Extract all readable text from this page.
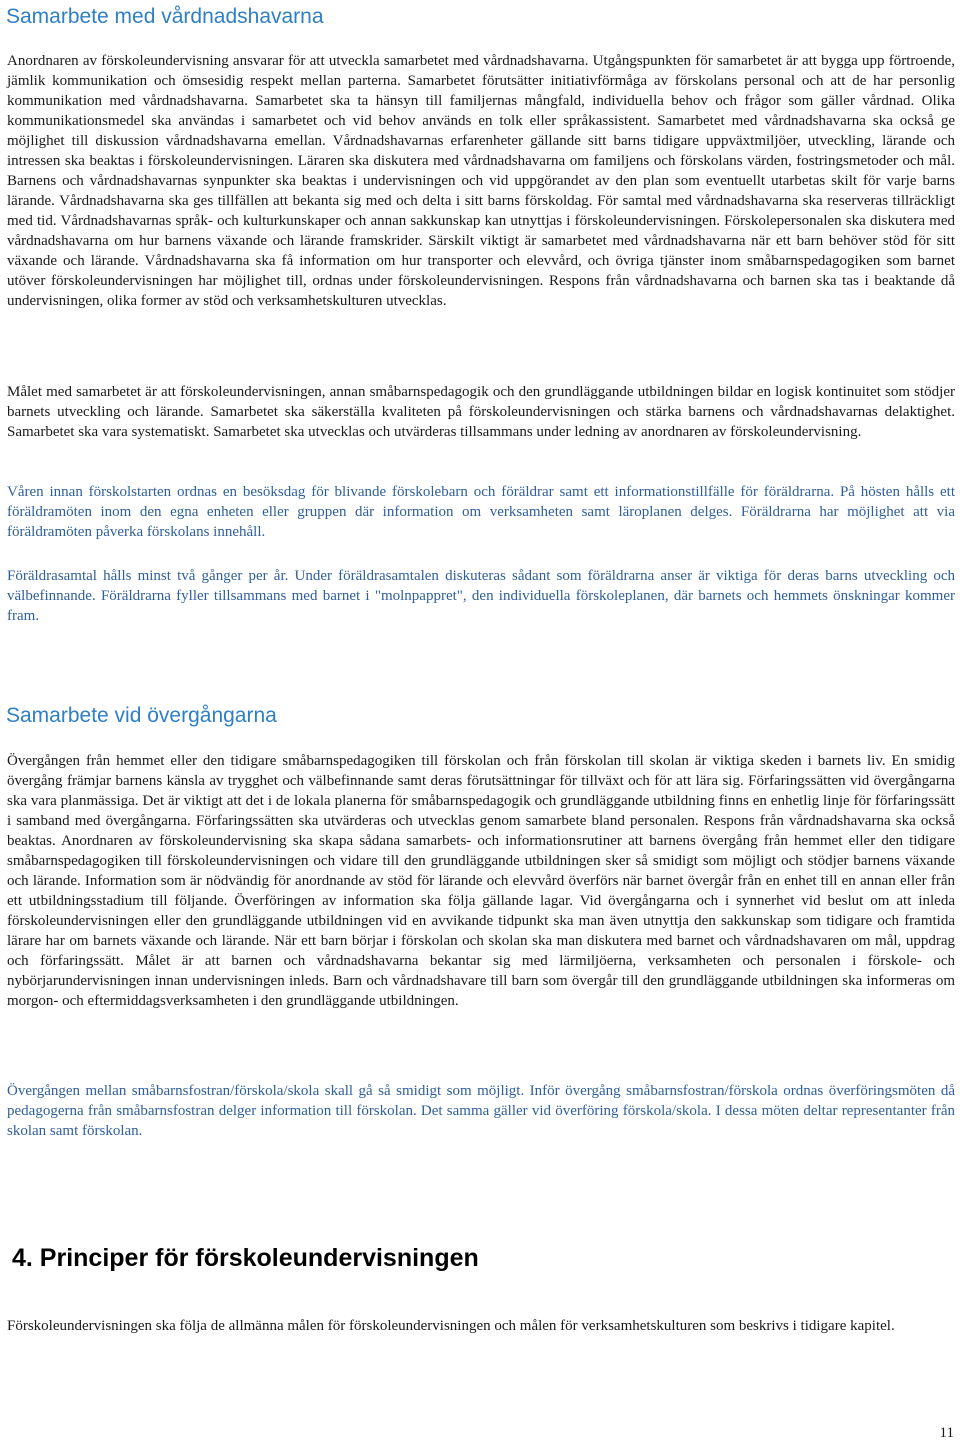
Samarbete med vårdnadshavarna

Anordnaren av förskoleundervisning ansvarar för att utveckla samarbetet med vårdnadshavarna. Utgångspunkten för samarbetet är att bygga upp förtroende, jämlik kommunikation och ömsesidig respekt mellan parterna. Samarbetet förutsätter initiativförmåga av förskolans personal och att de har personlig kommunikation med vårdnadshavarna. Samarbetet ska ta hänsyn till familjernas mångfald, individuella behov och frågor som gäller vårdnad. Olika kommunikationsmedel ska användas i samarbetet och vid behov används en tolk eller språkassistent. Samarbetet med vårdnadshavarna ska också ge möjlighet till diskussion vårdnadshavarna emellan. Vårdnadshavarnas erfarenheter gällande sitt barns tidigare uppväxtmiljöer, utveckling, lärande och intressen ska beaktas i förskoleundervisningen. Läraren ska diskutera med vårdnadshavarna om familjens och förskolans värden, fostringsmetoder och mål. Barnens och vårdnadshavarnas synpunkter ska beaktas i undervisningen och vid uppgörandet av den plan som eventuellt utarbetas skilt för varje barns lärande. Vårdnadshavarna ska ges tillfällen att bekanta sig med och delta i sitt barns förskoldag. För samtal med vårdnadshavarna ska reserveras tillräckligt med tid. Vårdnadshavarnas språk- och kulturkunskaper och annan sakkunskap kan utnyttjas i förskoleundervisningen. Förskolepersonalen ska diskutera med vårdnadshavarna om hur barnens växande och lärande framskrider. Särskilt viktigt är samarbetet med vårdnadshavarna när ett barn behöver stöd för sitt växande och lärande. Vårdnadshavarna ska få information om hur transporter och elevvård, och övriga tjänster inom småbarnspedagogiken som barnet utöver förskoleundervisningen har möjlighet till, ordnas under förskoleundervisningen. Respons från vårdnadshavarna och barnen ska tas i beaktande då undervisningen, olika former av stöd och verksamhetskulturen utvecklas.

Målet med samarbetet är att förskoleundervisningen, annan småbarnspedagogik och den grundläggande utbildningen bildar en logisk kontinuitet som stödjer barnets utveckling och lärande. Samarbetet ska säkerställa kvaliteten på förskoleundervisningen och stärka barnens och vårdnadshavarnas delaktighet. Samarbetet ska vara systematiskt. Samarbetet ska utvecklas och utvärderas tillsammans under ledning av anordnaren av förskoleundervisning.

Våren innan förskolstarten ordnas en besöksdag för blivande förskolebarn och föräldrar samt ett informationstillfälle för föräldrarna. På hösten hålls ett föräldramöten inom den egna enheten eller gruppen där information om verksamheten samt läroplanen delges. Föräldrarna har möjlighet att via föräldramöten påverka förskolans innehåll.

Föräldrasamtal hålls minst två gånger per år. Under föräldrasamtalen diskuteras sådant som föräldrarna anser är viktiga för deras barns utveckling och välbefinnande. Föräldrarna fyller tillsammans med barnet i "molnpappret", den individuella förskoleplanen, där barnets och hemmets önskningar kommer fram.

Samarbete vid övergångarna

Övergången från hemmet eller den tidigare småbarnspedagogiken till förskolan och från förskolan till skolan är viktiga skeden i barnets liv. En smidig övergång främjar barnens känsla av trygghet och välbefinnande samt deras förutsättningar för tillväxt och för att lära sig. Förfaringssätten vid övergångarna ska vara planmässiga. Det är viktigt att det i de lokala planerna för småbarnspedagogik och grundläggande utbildning finns en enhetlig linje för förfaringssätt i samband med övergångarna. Förfaringssätten ska utvärderas och utvecklas genom samarbete bland personalen. Respons från vårdnadshavarna ska också beaktas. Anordnaren av förskoleundervisning ska skapa sådana samarbets- och informationsrutiner att barnens övergång från hemmet eller den tidigare småbarnspedagogiken till förskoleundervisningen och vidare till den grundläggande utbildningen sker så smidigt som möjligt och stödjer barnens växande och lärande. Information som är nödvändig för anordnande av stöd för lärande och elevvård överförs när barnet övergår från en enhet till en annan eller från ett utbildningsstadium till följande. Överföringen av information ska följa gällande lagar. Vid övergångarna och i synnerhet vid beslut om att inleda förskoleundervisningen eller den grundläggande utbildningen vid en avvikande tidpunkt ska man även utnyttja den sakkunskap som tidigare och framtida lärare har om barnets växande och lärande. När ett barn börjar i förskolan och skolan ska man diskutera med barnet och vårdnadshavaren om mål, uppdrag och förfaringssätt. Målet är att barnen och vårdnadshavarna bekantar sig med lärmiljöerna, verksamheten och personalen i förskole- och nybörjarundervisningen innan undervisningen inleds. Barn och vårdnadshavare till barn som övergår till den grundläggande utbildningen ska informeras om morgon- och eftermiddagsverksamheten i den grundläggande utbildningen.

Övergången mellan småbarnsfostran/förskola/skola skall gå så smidigt som möjligt. Inför övergång småbarnsfostran/förskola ordnas överföringsmöten då pedagogerna från småbarnsfostran delger information till förskolan. Det samma gäller vid överföring förskola/skola. I dessa möten deltar representanter från skolan samt förskolan.

4. Principer för förskoleundervisningen

Förskoleundervisningen ska följa de allmänna målen för förskoleundervisningen och målen för verksamhetskulturen som beskrivs i tidigare kapitel.

11
